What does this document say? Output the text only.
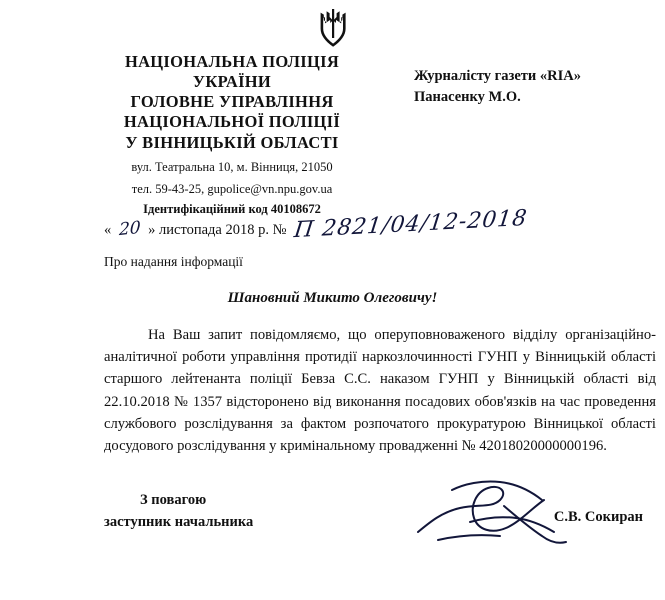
НАЦІОНАЛЬНА ПОЛІЦІЯ
УКРАЇНИ
ГОЛОВНЕ УПРАВЛІННЯ
НАЦІОНАЛЬНОЇ ПОЛІЦІЇ
У ВІННИЦЬКІЙ ОБЛАСТІ
вул. Театральна 10, м. Вінниця, 21050
тел. 59-43-25, gupolice@vn.npu.gov.ua
Ідентифікаційний код 40108672
Журналісту газети «RIA»
Панасенку М.О.
« 20 » листопада 2018 р. № П 2821/04/12-2018
Про надання інформації
Шановний Микито Олеговичу!
На Ваш запит повідомляємо, що оперуповноваженого відділу організаційно-аналітичної роботи управління протидії наркозлочинності ГУНП у Вінницькій області старшого лейтенанта поліції Бевза С.С. наказом ГУНП у Вінницькій області від 22.10.2018 № 1357 відсторонено від виконання посадових обов'язків на час проведення службового розслідування за фактом розпочатого прокуратурою Вінницької області досудового розслідування у кримінальному провадженні № 42018020000000196.
З повагою
заступник начальника	С.В. Сокиран
